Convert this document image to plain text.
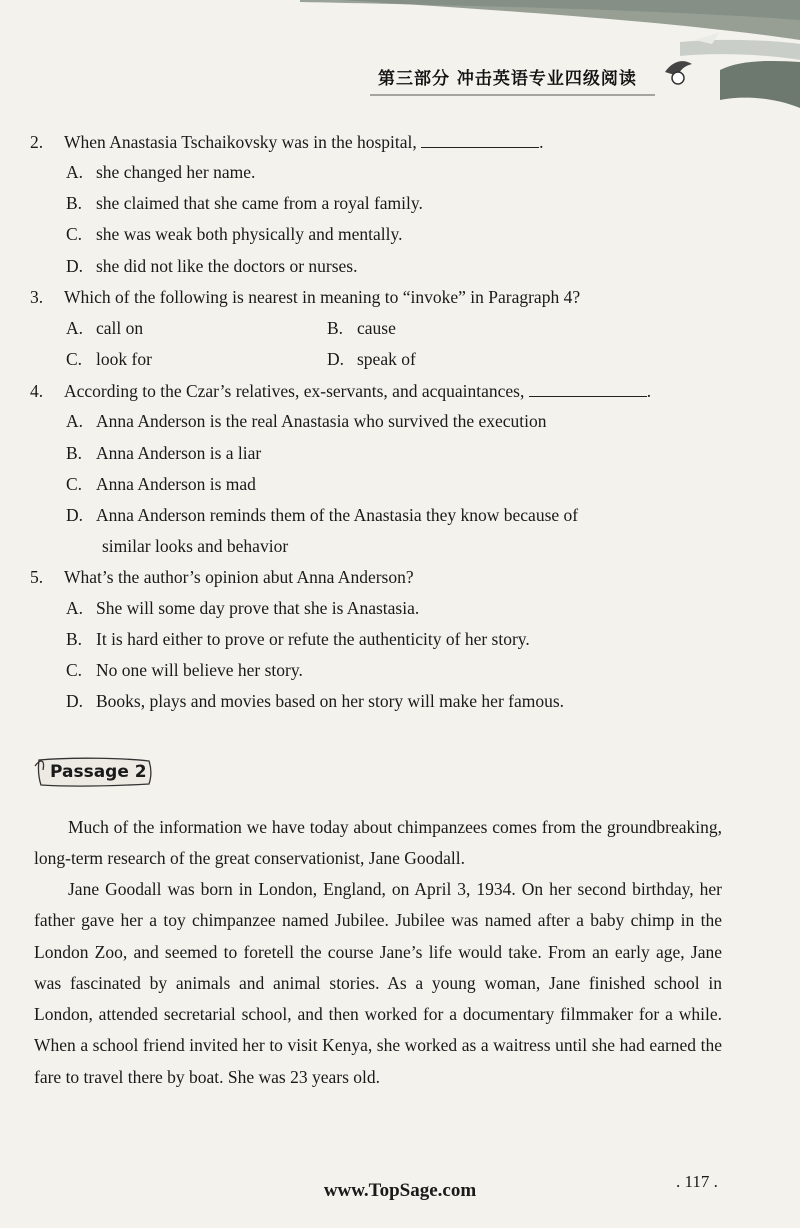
第三部分 冲击英语专业四级阅读
2. When Anastasia Tschaikovsky was in the hospital,	.
A. she changed her name.
B. she claimed that she came from a royal family.
C. she was weak both physically and mentally.
D. she did not like the doctors or nurses.
3. Which of the following is nearest in meaning to “invoke” in Paragraph 4?
A. call on	B. cause
C. look for	D. speak of
4. According to the Czar’s relatives, ex-servants, and acquaintances,	.
A. Anna Anderson is the real Anastasia who survived the execution
B. Anna Anderson is a liar
C. Anna Anderson is mad
D. Anna Anderson reminds them of the Anastasia they know because of
similar looks and behavior
5. What’s the author’s opinion abut Anna Anderson?
A. She will some day prove that she is Anastasia.
B. It is hard either to prove or refute the authenticity of her story.
C. No one will believe her story.
D. Books, plays and movies based on her story will make her famous.
Passage 2
Much of the information we have today about chimpanzees comes from the groundbreaking, long-term research of the great conservationist, Jane Goodall.
Jane Goodall was born in London, England, on April 3, 1934. On her second birthday, her father gave her a toy chimpanzee named Jubilee. Jubilee was named after a baby chimp in the London Zoo, and seemed to foretell the course Jane’s life would take. From an early age, Jane was fascinated by animals and animal stories. As a young woman, Jane finished school in London, attended secretarial school, and then worked for a documentary filmmaker for a while. When a school friend invited her to visit Kenya, she worked as a waitress until she had earned the fare to travel there by boat. She was 23 years old.
. 117 .
www.TopSage.com
